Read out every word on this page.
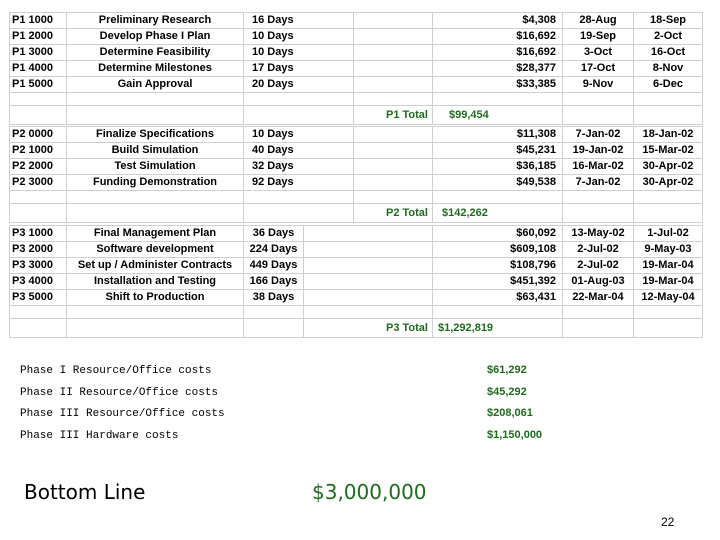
P1 1000	Preliminary Research	16 Days		$4,308	28-Aug	18-Sep
P1 2000	Develop Phase I Plan	10 Days		$16,692	19-Sep	2-Oct
P1 3000	Determine Feasibility	10 Days		$16,692	3-Oct	16-Oct
P1 4000	Determine Milestones	17 Days		$28,377	17-Oct	8-Nov
P1 5000	Gain Approval	20 Days		$33,385	9-Nov	6-Dec

			P1 Total	$99,454		
P2 0000	Finalize Specifications	10 Days		$11,308	7-Jan-02	18-Jan-02
P2 1000	Build Simulation	40 Days		$45,231	19-Jan-02	15-Mar-02
P2 2000	Test Simulation	32 Days		$36,185	16-Mar-02	30-Apr-02
P2 3000	Funding Demonstration	92 Days		$49,538	7-Jan-02	30-Apr-02

			P2 Total	$142,262		
P3 1000	Final Management Plan	36 Days		$60,092	13-May-02	1-Jul-02
P3 2000	Software development	224 Days		$609,108	2-Jul-02	9-May-03
P3 3000	Set up / Administer Contracts	449 Days		$108,796	2-Jul-02	19-Mar-04
P3 4000	Installation and Testing	166 Days		$451,392	01-Aug-03	19-Mar-04
P3 5000	Shift to Production	38 Days		$63,431	22-Mar-04	12-May-04

			P3 Total	$1,292,819		
Phase I Resource/Office costs	$61,292
Phase II Resource/Office costs	$45,292
Phase III Resource/Office costs	$208,061
Phase III Hardware costs	$1,150,000
Bottom Line	$3,000,000
22
